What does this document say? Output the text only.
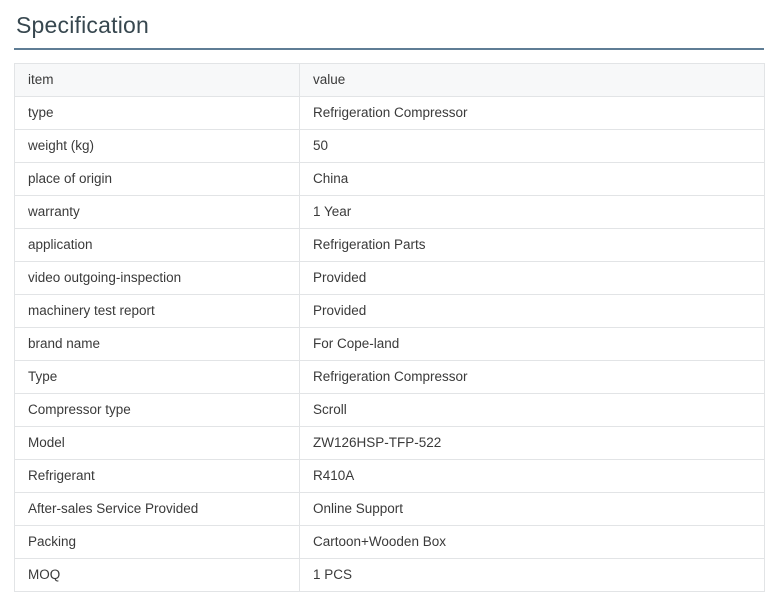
Specification
item	value
type	Refrigeration Compressor
weight (kg)	50
place of origin	China
warranty	1 Year
application	Refrigeration Parts
video outgoing-inspection	Provided
machinery test report	Provided
brand name	For Cope-land
Type	Refrigeration Compressor
Compressor type	Scroll
Model	ZW126HSP-TFP-522
Refrigerant	R410A
After-sales Service Provided	Online Support
Packing	Cartoon+Wooden Box
MOQ	1 PCS
